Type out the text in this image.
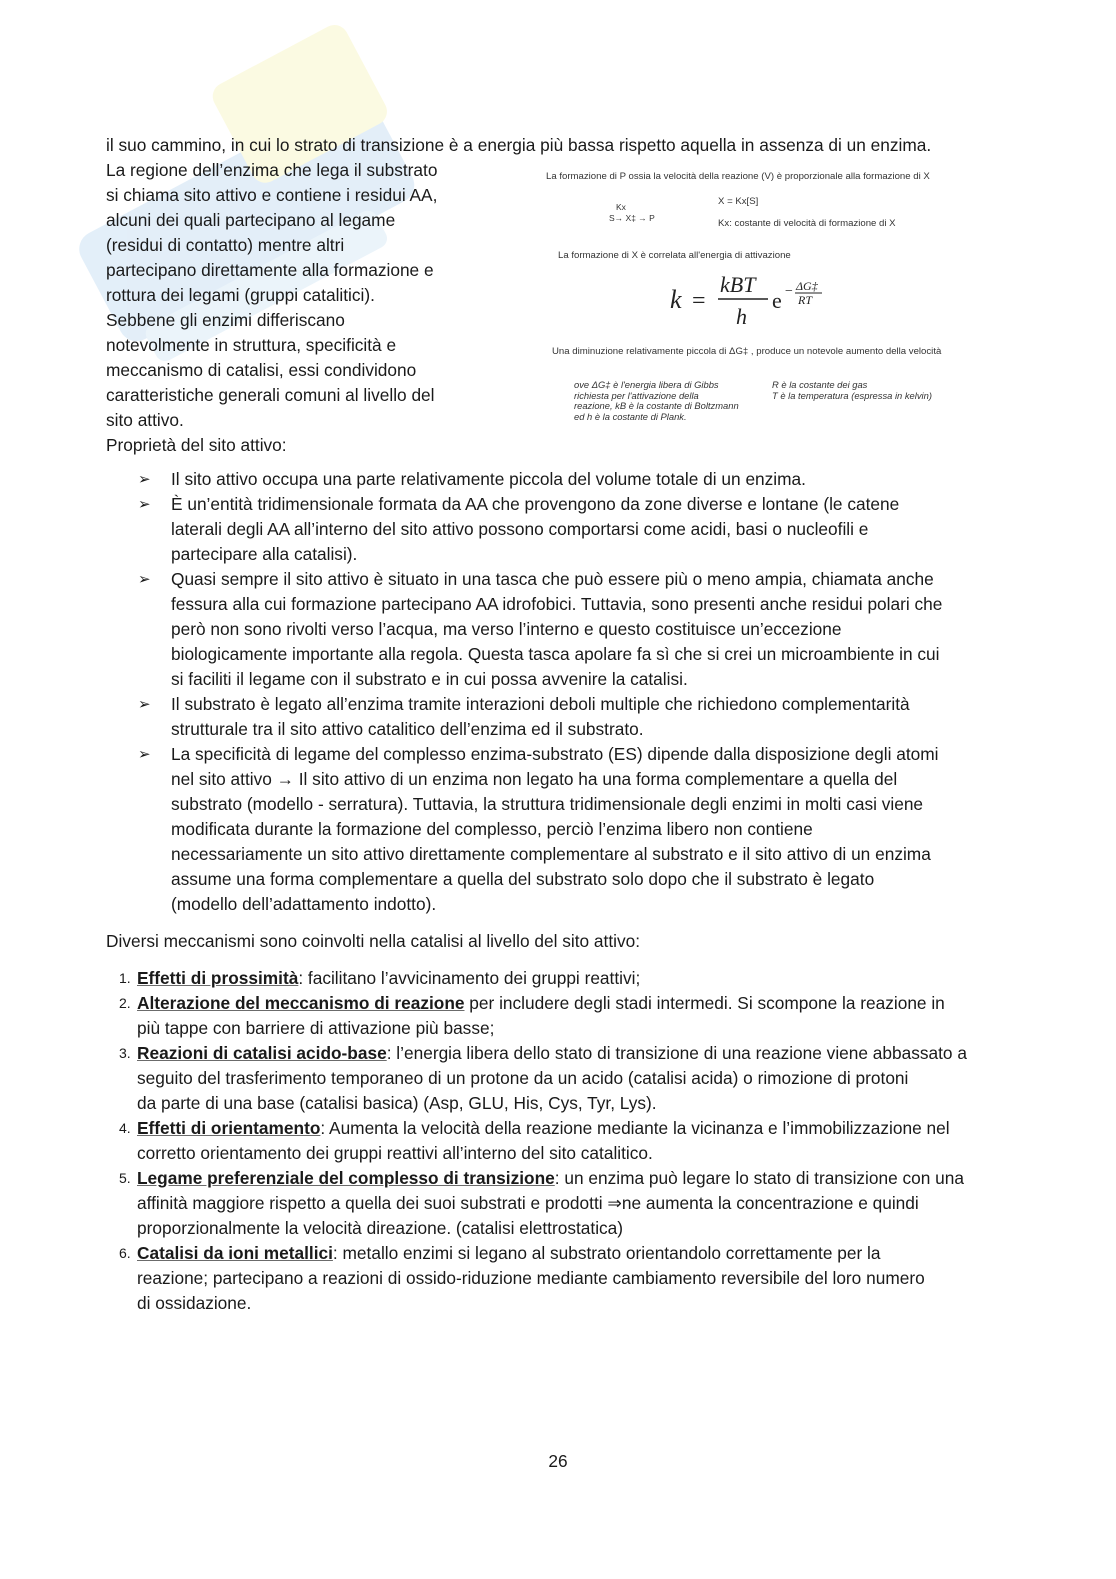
il suo cammino, in cui lo strato di transizione è a energia più bassa rispetto aquella in assenza di un enzima.

La regione dell’enzima che lega il substrato
si chiama sito attivo e contiene i residui AA,
alcuni dei quali partecipano al legame
(residui di contatto) mentre altri
partecipano direttamente alla formazione e
rottura dei legami (gruppi catalitici).
Sebbene gli enzimi differiscano
notevolmente in struttura, specificità e
meccanismo di catalisi, essi condividono
caratteristiche generali comuni al livello del
sito attivo.
Proprietà del sito attivo:
La formazione di P ossia la velocità della reazione (V) è proporzionale alla formazione di X
Kx
S→ X‡ → P
X = Kx[S]
Kx: costante di velocità di formazione di X
La formazione di X è correlata all'energia di attivazione
k =
kBT
h
e − ΔG‡
RT
Una diminuzione relativamente piccola di ΔG‡ , produce un notevole aumento della velocità
ove ΔG‡ è l'energia libera di Gibbs
richiesta per l'attivazione della
reazione, kB è la costante di Boltzmann
ed h è la costante di Plank.
R è la costante dei gas
T è la temperatura (espressa in kelvin)
➢ Il sito attivo occupa una parte relativamente piccola del volume totale di un enzima.
➢ È un’entità tridimensionale formata da AA che provengono da zone diverse e lontane (le catene
laterali degli AA all’interno del sito attivo possono comportarsi come acidi, basi o nucleofili e
partecipare alla catalisi).
➢ Quasi sempre il sito attivo è situato in una tasca che può essere più o meno ampia, chiamata anche
fessura alla cui formazione partecipano AA idrofobici. Tuttavia, sono presenti anche residui polari che
però non sono rivolti verso l’acqua, ma verso l’interno e questo costituisce un’eccezione
biologicamente importante alla regola. Questa tasca apolare fa sì che si crei un microambiente in cui
si faciliti il legame con il substrato e in cui possa avvenire la catalisi.
➢ Il substrato è legato all’enzima tramite interazioni deboli multiple che richiedono complementarità
strutturale tra il sito attivo catalitico dell’enzima ed il substrato.
➢ La specificità di legame del complesso enzima-substrato (ES) dipende dalla disposizione degli atomi
nel sito attivo → Il sito attivo di un enzima non legato ha una forma complementare a quella del
substrato (modello - serratura). Tuttavia, la struttura tridimensionale degli enzimi in molti casi viene
modificata durante la formazione del complesso, perciò l’enzima libero non contiene
necessariamente un sito attivo direttamente complementare al substrato e il sito attivo di un enzima
assume una forma complementare a quella del substrato solo dopo che il substrato è legato
(modello dell’adattamento indotto).

Diversi meccanismi sono coinvolti nella catalisi al livello del sito attivo:

1. Effetti di prossimità: facilitano l’avvicinamento dei gruppi reattivi;
2. Alterazione del meccanismo di reazione per includere degli stadi intermedi. Si scompone la reazione in
più tappe con barriere di attivazione più basse;
3. Reazioni di catalisi acido-base: l’energia libera dello stato di transizione di una reazione viene abbassato a
seguito del trasferimento temporaneo di un protone da un acido (catalisi acida) o rimozione di protoni
da parte di una base (catalisi basica) (Asp, GLU, His, Cys, Tyr, Lys).
4. Effetti di orientamento: Aumenta la velocità della reazione mediante la vicinanza e l’immobilizzazione nel
corretto orientamento dei gruppi reattivi all’interno del sito catalitico.
5. Legame preferenziale del complesso di transizione: un enzima può legare lo stato di transizione con una
affinità maggiore rispetto a quella dei suoi substrati e prodotti ⇒ne aumenta la concentrazione e quindi
proporzionalmente la velocità direazione. (catalisi elettrostatica)
6. Catalisi da ioni metallici: metallo enzimi si legano al substrato orientandolo correttamente per la
reazione; partecipano a reazioni di ossido-riduzione mediante cambiamento reversibile del loro numero
di ossidazione.
26
